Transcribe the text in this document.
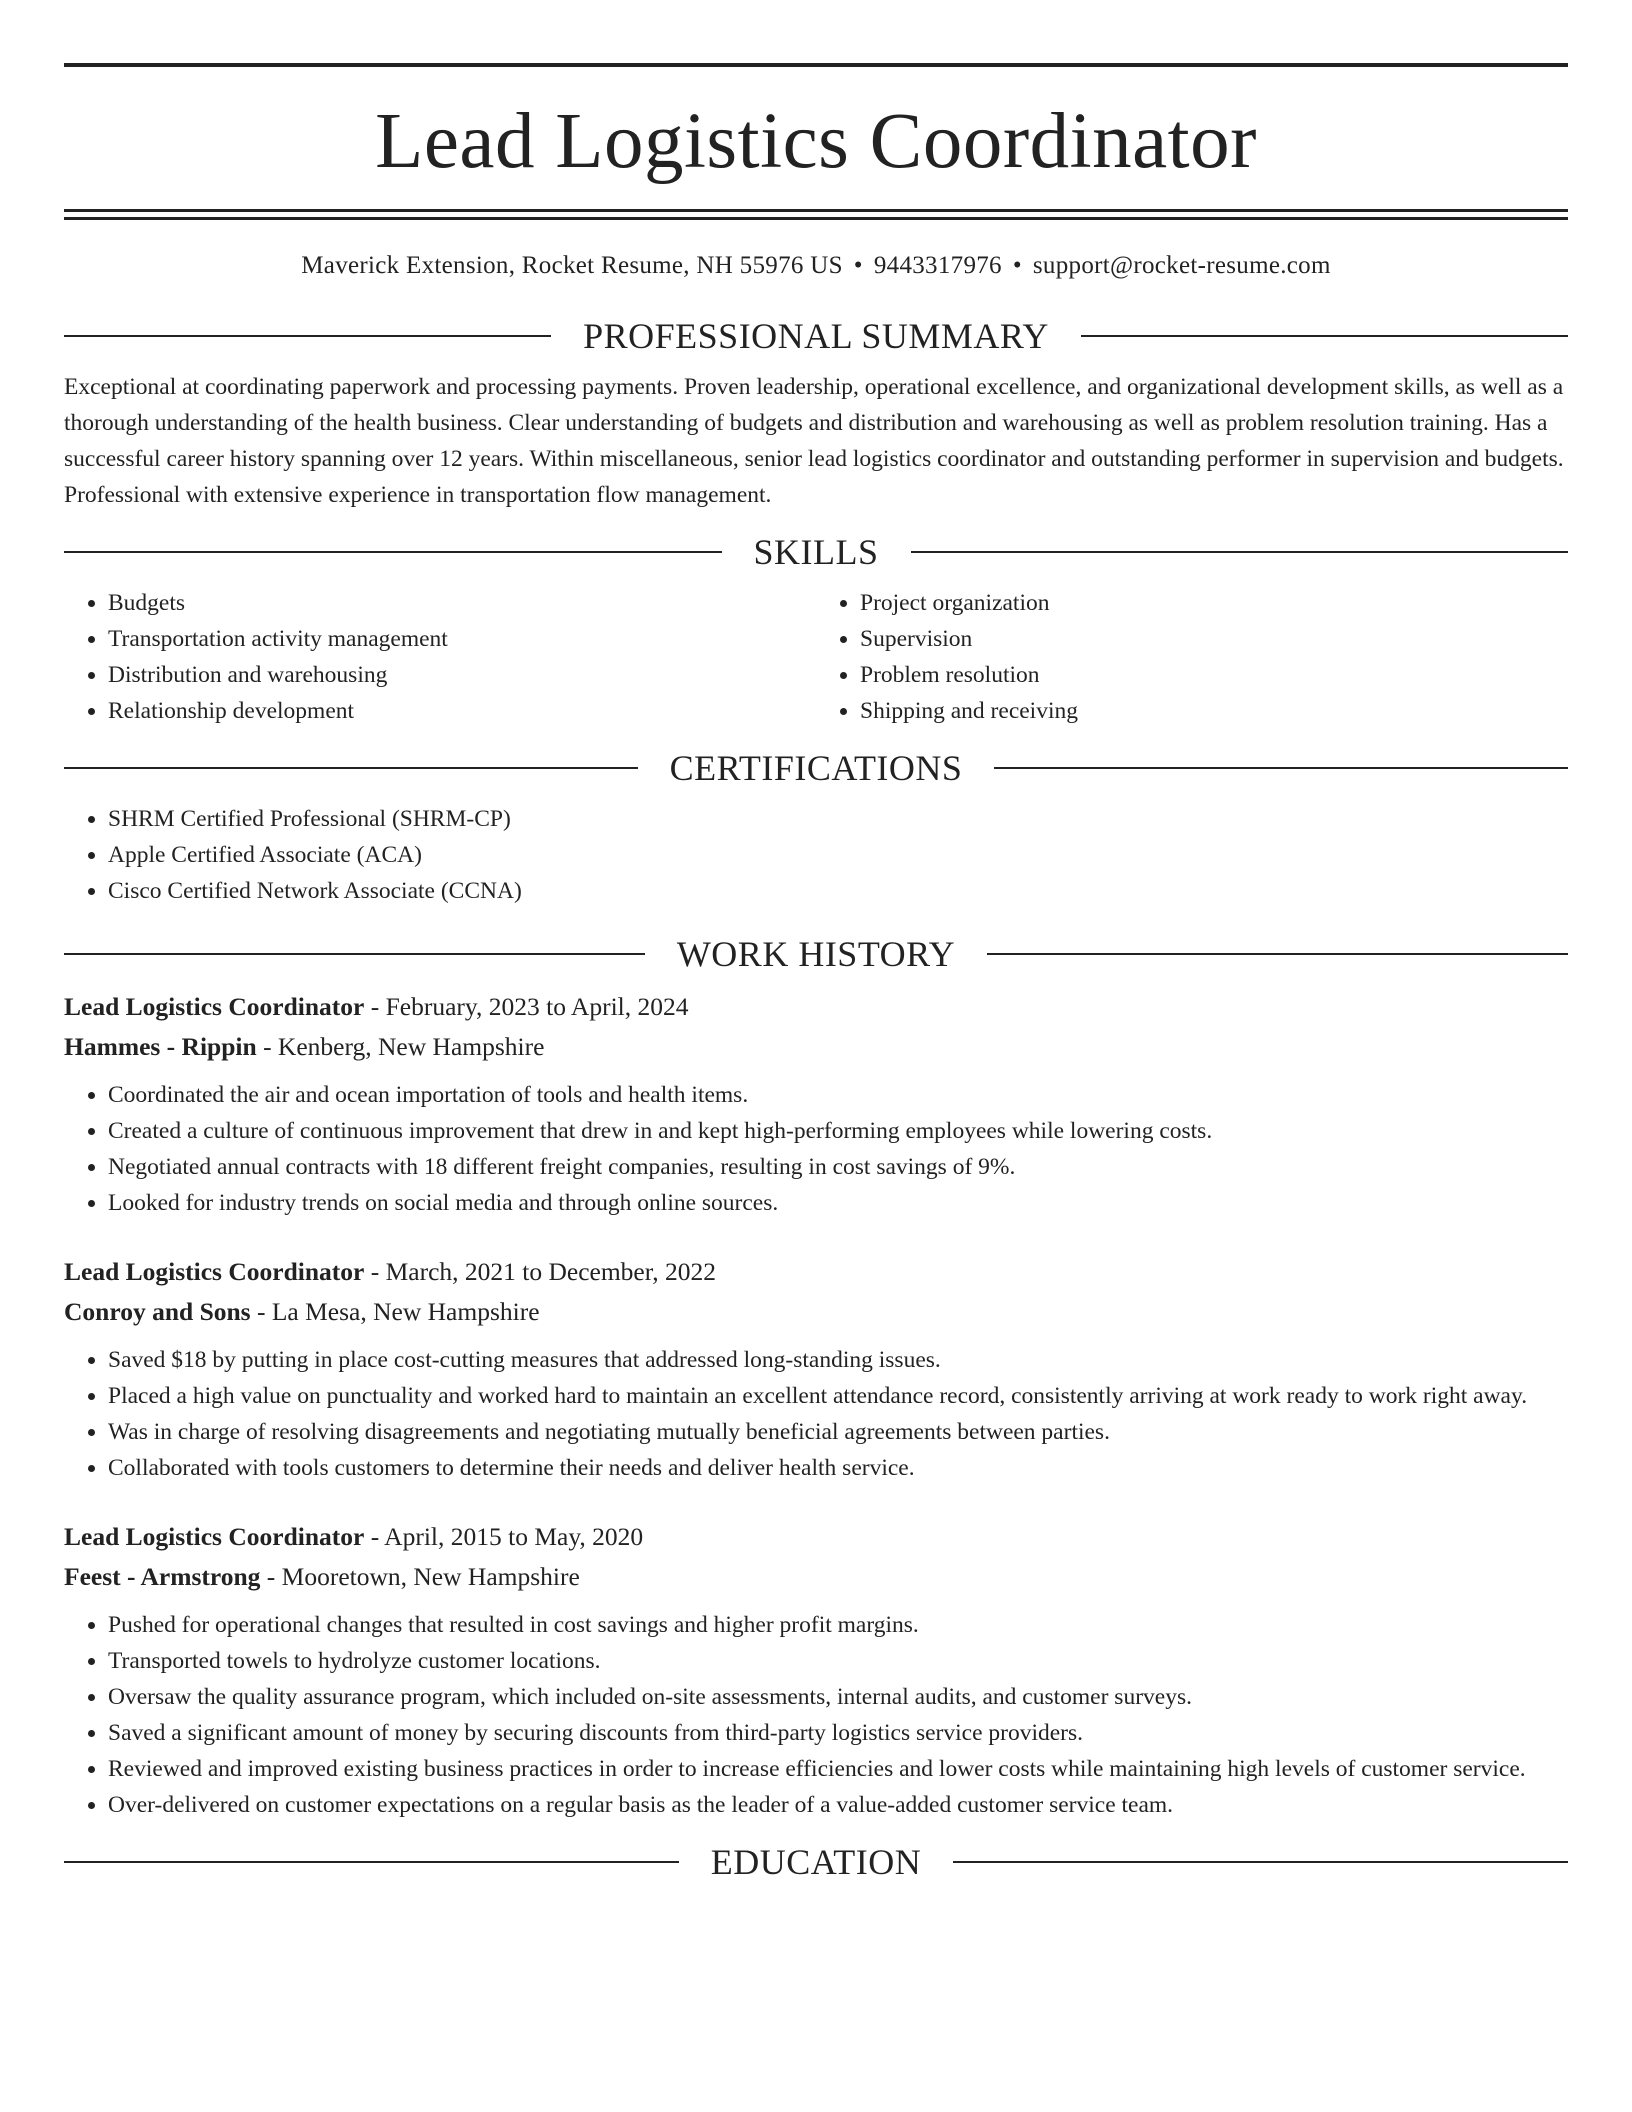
Lead Logistics Coordinator
Maverick Extension, Rocket Resume, NH 55976 US • 9443317976 • support@rocket-resume.com
PROFESSIONAL SUMMARY
Exceptional at coordinating paperwork and processing payments. Proven leadership, operational excellence, and organizational development skills, as well as a thorough understanding of the health business. Clear understanding of budgets and distribution and warehousing as well as problem resolution training. Has a successful career history spanning over 12 years. Within miscellaneous, senior lead logistics coordinator and outstanding performer in supervision and budgets. Professional with extensive experience in transportation flow management.
SKILLS
• Budgets
• Transportation activity management
• Distribution and warehousing
• Relationship development
• Project organization
• Supervision
• Problem resolution
• Shipping and receiving
CERTIFICATIONS
• SHRM Certified Professional (SHRM-CP)
• Apple Certified Associate (ACA)
• Cisco Certified Network Associate (CCNA)
WORK HISTORY
Lead Logistics Coordinator - February, 2023 to April, 2024
Hammes - Rippin - Kenberg, New Hampshire
• Coordinated the air and ocean importation of tools and health items.
• Created a culture of continuous improvement that drew in and kept high-performing employees while lowering costs.
• Negotiated annual contracts with 18 different freight companies, resulting in cost savings of 9%.
• Looked for industry trends on social media and through online sources.
Lead Logistics Coordinator - March, 2021 to December, 2022
Conroy and Sons - La Mesa, New Hampshire
• Saved $18 by putting in place cost-cutting measures that addressed long-standing issues.
• Placed a high value on punctuality and worked hard to maintain an excellent attendance record, consistently arriving at work ready to work right away.
• Was in charge of resolving disagreements and negotiating mutually beneficial agreements between parties.
• Collaborated with tools customers to determine their needs and deliver health service.
Lead Logistics Coordinator - April, 2015 to May, 2020
Feest - Armstrong - Mooretown, New Hampshire
• Pushed for operational changes that resulted in cost savings and higher profit margins.
• Transported towels to hydrolyze customer locations.
• Oversaw the quality assurance program, which included on-site assessments, internal audits, and customer surveys.
• Saved a significant amount of money by securing discounts from third-party logistics service providers.
• Reviewed and improved existing business practices in order to increase efficiencies and lower costs while maintaining high levels of customer service.
• Over-delivered on customer expectations on a regular basis as the leader of a value-added customer service team.
EDUCATION
